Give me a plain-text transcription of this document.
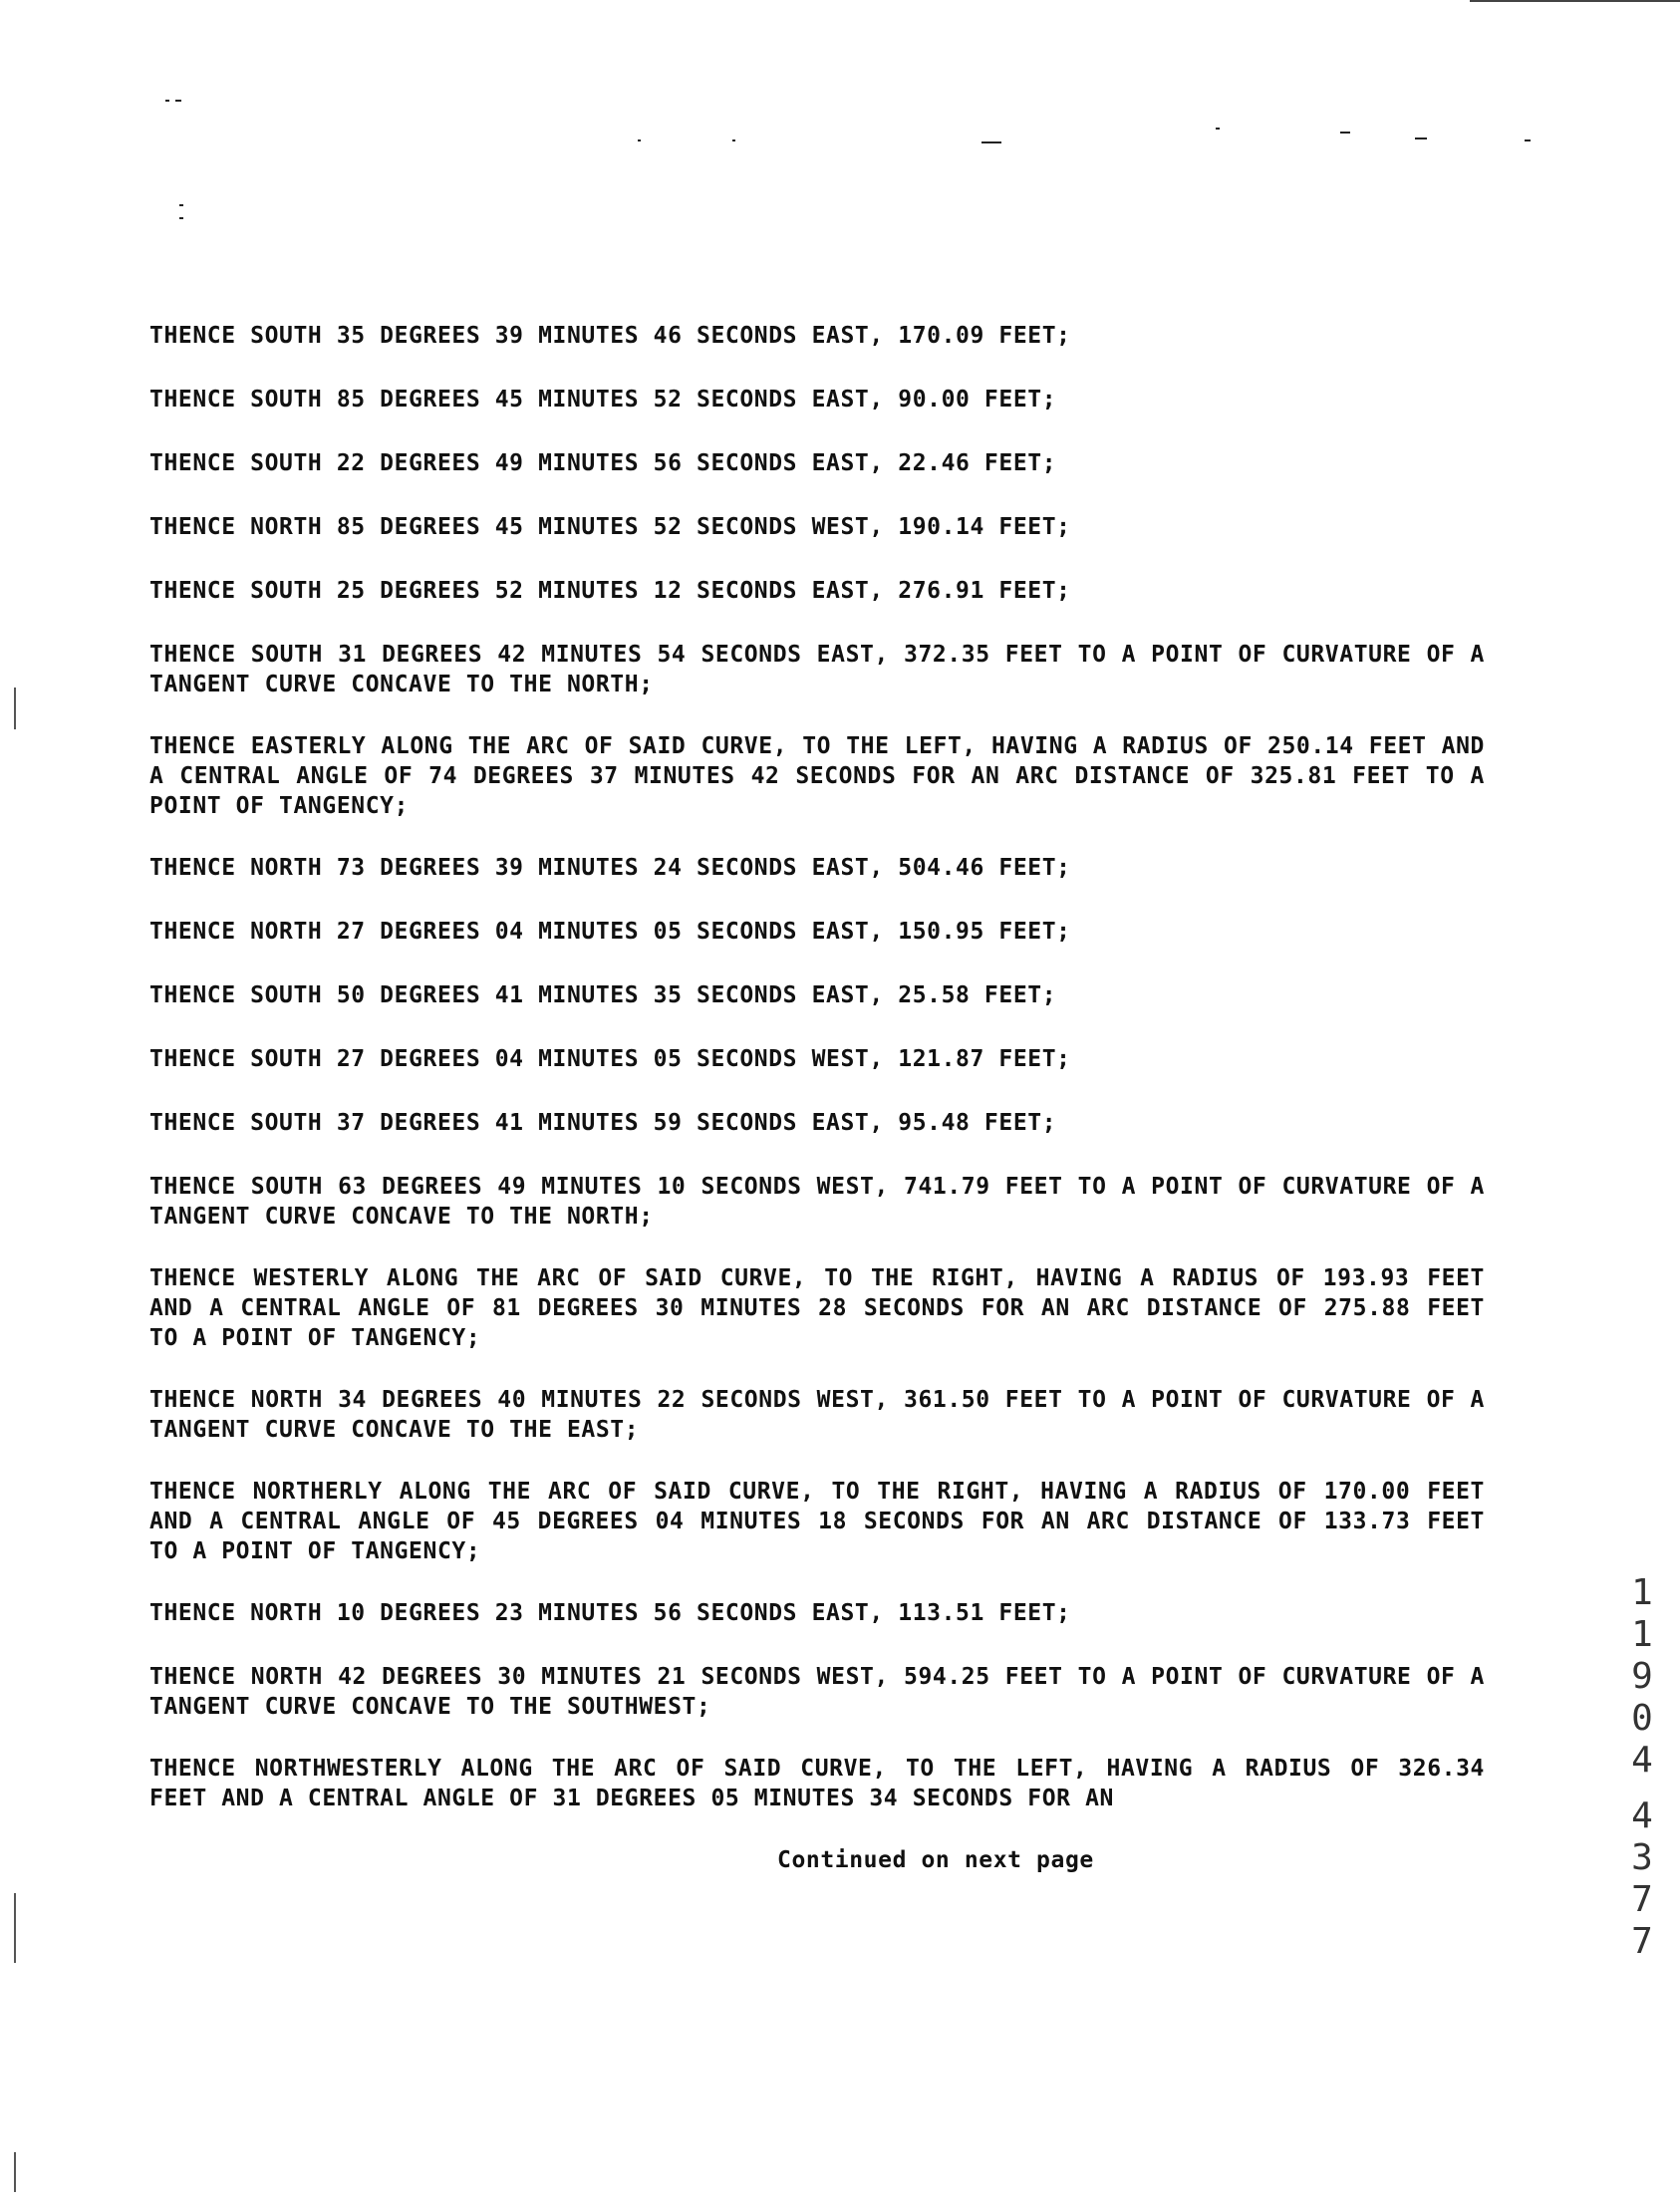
THENCE SOUTH 35 DEGREES 39 MINUTES 46 SECONDS EAST, 170.09 FEET;

THENCE SOUTH 85 DEGREES 45 MINUTES 52 SECONDS EAST, 90.00 FEET;

THENCE SOUTH 22 DEGREES 49 MINUTES 56 SECONDS EAST, 22.46 FEET;

THENCE NORTH 85 DEGREES 45 MINUTES 52 SECONDS WEST, 190.14 FEET;

THENCE SOUTH 25 DEGREES 52 MINUTES 12 SECONDS EAST, 276.91 FEET;

THENCE SOUTH 31 DEGREES 42 MINUTES 54 SECONDS EAST, 372.35 FEET TO A POINT OF CURVATURE OF A TANGENT CURVE CONCAVE TO THE NORTH;

THENCE EASTERLY ALONG THE ARC OF SAID CURVE, TO THE LEFT, HAVING A RADIUS OF 250.14 FEET AND A CENTRAL ANGLE OF 74 DEGREES 37 MINUTES 42 SECONDS FOR AN ARC DISTANCE OF 325.81 FEET TO A POINT OF TANGENCY;

THENCE NORTH 73 DEGREES 39 MINUTES 24 SECONDS EAST, 504.46 FEET;

THENCE NORTH 27 DEGREES 04 MINUTES 05 SECONDS EAST, 150.95 FEET;

THENCE SOUTH 50 DEGREES 41 MINUTES 35 SECONDS EAST, 25.58 FEET;

THENCE SOUTH 27 DEGREES 04 MINUTES 05 SECONDS WEST, 121.87 FEET;

THENCE SOUTH 37 DEGREES 41 MINUTES 59 SECONDS EAST, 95.48 FEET;

THENCE SOUTH 63 DEGREES 49 MINUTES 10 SECONDS WEST, 741.79 FEET TO A POINT OF CURVATURE OF A TANGENT CURVE CONCAVE TO THE NORTH;

THENCE WESTERLY ALONG THE ARC OF SAID CURVE, TO THE RIGHT, HAVING A RADIUS OF 193.93 FEET AND A CENTRAL ANGLE OF 81 DEGREES 30 MINUTES 28 SECONDS FOR AN ARC DISTANCE OF 275.88 FEET TO A POINT OF TANGENCY;

THENCE NORTH 34 DEGREES 40 MINUTES 22 SECONDS WEST, 361.50 FEET TO A POINT OF CURVATURE OF A TANGENT CURVE CONCAVE TO THE EAST;

THENCE NORTHERLY ALONG THE ARC OF SAID CURVE, TO THE RIGHT, HAVING A RADIUS OF 170.00 FEET AND A CENTRAL ANGLE OF 45 DEGREES 04 MINUTES 18 SECONDS FOR AN ARC DISTANCE OF 133.73 FEET TO A POINT OF TANGENCY;

THENCE NORTH 10 DEGREES 23 MINUTES 56 SECONDS EAST, 113.51 FEET;

THENCE NORTH 42 DEGREES 30 MINUTES 21 SECONDS WEST, 594.25 FEET TO A POINT OF CURVATURE OF A TANGENT CURVE CONCAVE TO THE SOUTHWEST;

THENCE NORTHWESTERLY ALONG THE ARC OF SAID CURVE, TO THE LEFT, HAVING A RADIUS OF 326.34 FEET AND A CENTRAL ANGLE OF 31 DEGREES 05 MINUTES 34 SECONDS FOR AN

Continued on next page
1
1
9
0
4
4
3
7
7
